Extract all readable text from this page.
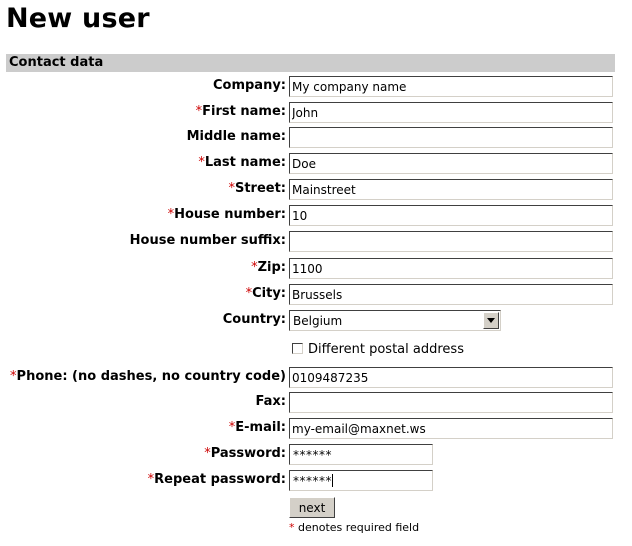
New user
Contact data
Company:
My company name
*First name:
John
Middle name:
*Last name:
Doe
*Street:
Mainstreet
*House number:
10
House number suffix:
*Zip:
1100
*City:
Brussels
Country: Belgium
Different postal address
*Phone: (no dashes, no country code)
0109487235
Fax:
*E-mail:
my-email@maxnet.ws
*Password: ******
*Repeat password: ******
next
* denotes required field
